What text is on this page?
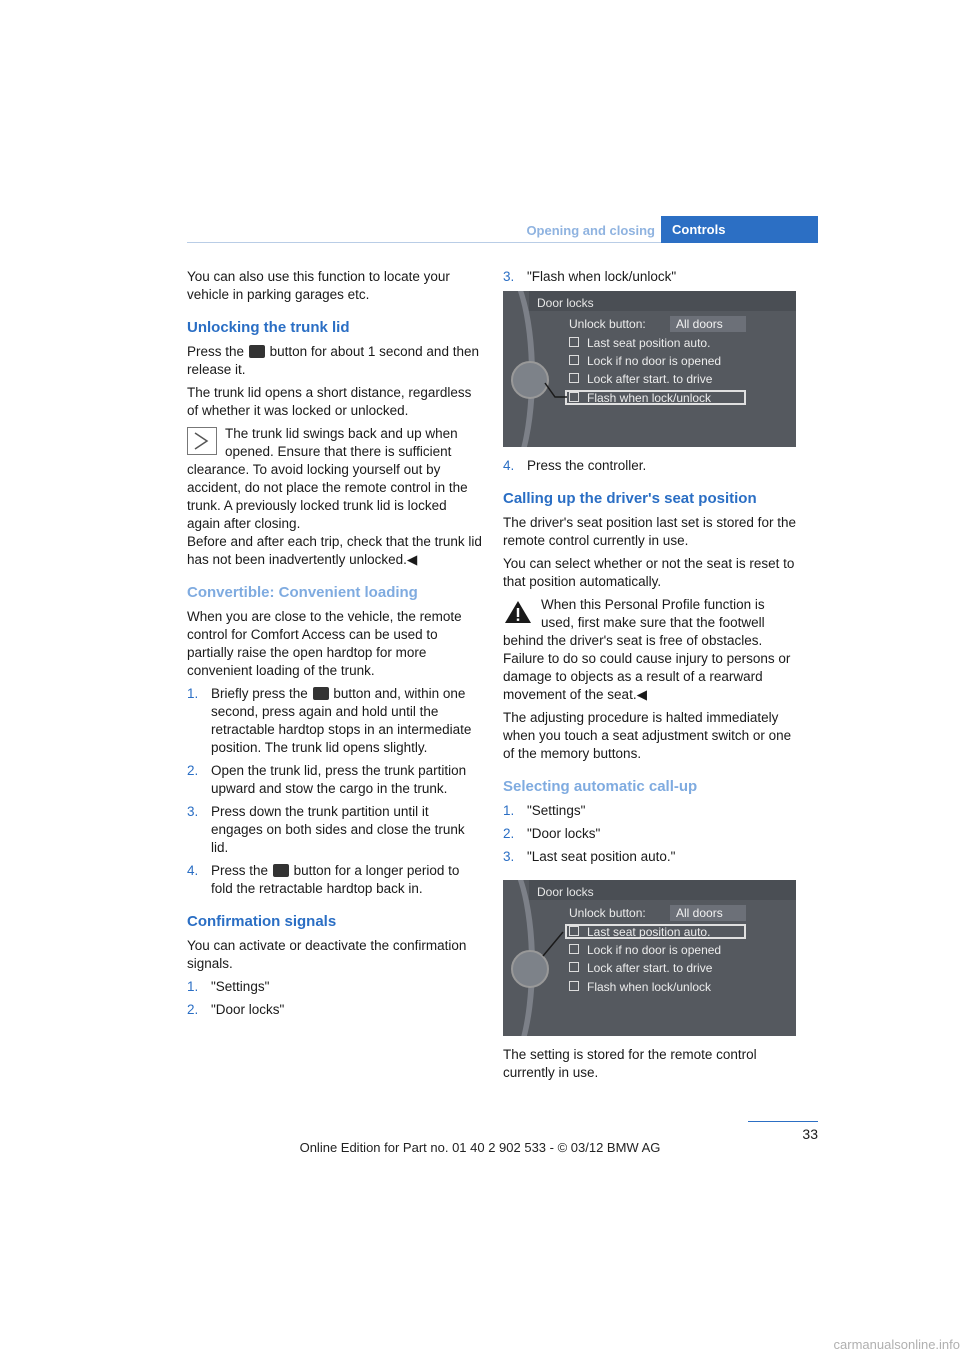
Opening and closing	Controls

You can also use this function to locate your vehicle in parking garages etc.

Unlocking the trunk lid

Press the button for about 1 second and then release it.

The trunk lid opens a short distance, regardless of whether it was locked or unlocked.

The trunk lid swings back and up when opened. Ensure that there is sufficient clearance. To avoid locking yourself out by accident, do not place the remote control in the trunk. A previously locked trunk lid is locked again after closing.
Before and after each trip, check that the trunk lid has not been inadvertently unlocked.◀
Convertible: Convenient loading

When you are close to the vehicle, the remote control for Comfort Access can be used to partially raise the open hardtop for more convenient loading of the trunk.

1. Briefly press the button and, within one second, press again and hold until the retractable hardtop stops in an intermediate position. The trunk lid opens slightly.
2. Open the trunk lid, press the trunk partition upward and stow the cargo in the trunk.
3. Press down the trunk partition until it engages on both sides and close the trunk lid.
4. Press the button for a longer period to fold the retractable hardtop back in.
Confirmation signals

You can activate or deactivate the confirmation signals.

1. "Settings"
2. "Door locks"
3. "Flash when lock/unlock"
Door locks
Unlock button:	All doors
Last seat position auto.
Lock if no door is opened
Lock after start. to drive
Flash when lock/unlock
4. Press the controller.
Calling up the driver's seat position

The driver's seat position last set is stored for the remote control currently in use.

You can select whether or not the seat is reset to that position automatically.

When this Personal Profile function is used, first make sure that the footwell behind the driver's seat is free of obstacles. Failure to do so could cause injury to persons or damage to objects as a result of a rearward movement of the seat.◀

The adjusting procedure is halted immediately when you touch a seat adjustment switch or one of the memory buttons.

Selecting automatic call-up
1. "Settings"
2. "Door locks"
3. "Last seat position auto."
Door locks
Unlock button:	All doors
Last seat position auto.
Lock if no door is opened
Lock after start. to drive
Flash when lock/unlock

The setting is stored for the remote control currently in use.

33
Online Edition for Part no. 01 40 2 902 533 - © 03/12 BMW AG
carmanualsonline.info
